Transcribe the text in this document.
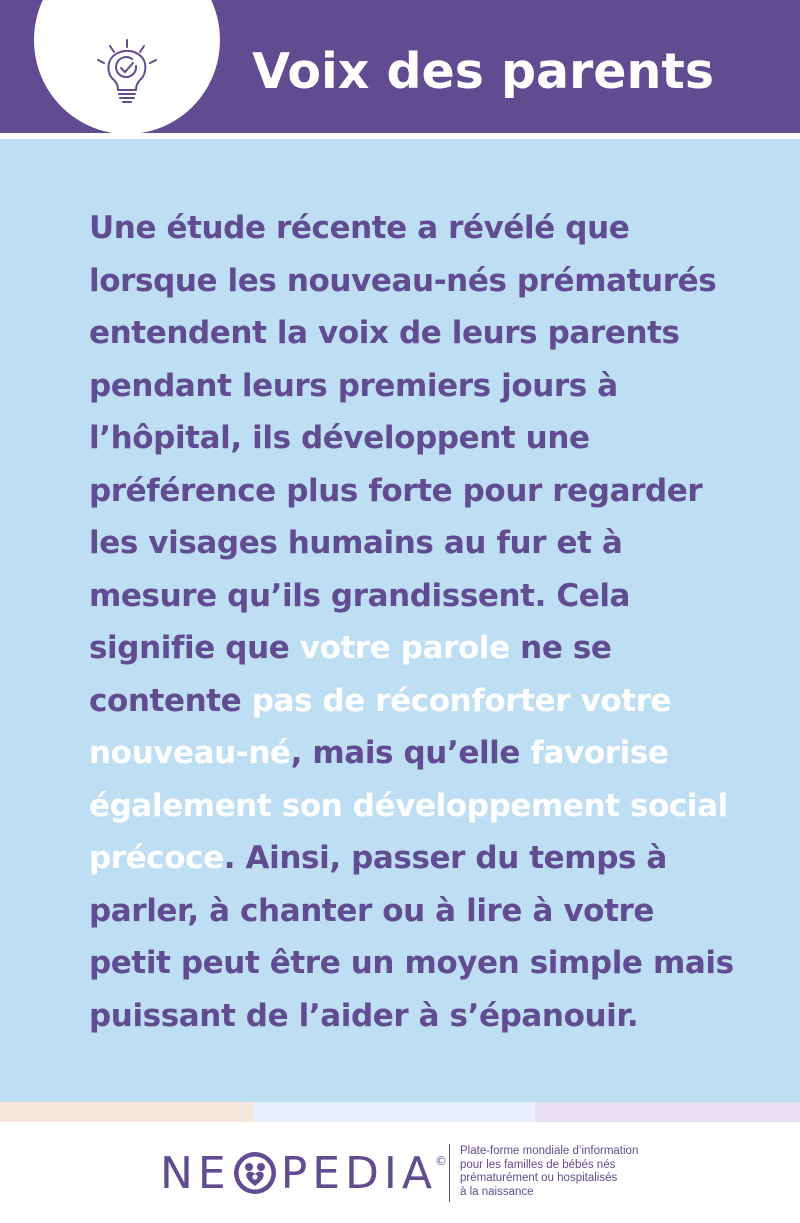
Voix des parents

Une étude récente a révélé que lorsque les nouveau-nés prématurés entendent la voix de leurs parents pendant leurs premiers jours à l’hôpital, ils développent une préférence plus forte pour regarder les visages humains au fur et à mesure qu’ils grandissent. Cela signifie que votre parole ne se contente pas de réconforter votre nouveau-né, mais qu’elle favorise également son développement social précoce. Ainsi, passer du temps à parler, à chanter ou à lire à votre petit peut être un moyen simple mais puissant de l’aider à s’épanouir.

NE PEDIA
©
Plate-forme mondiale d’information
pour les familles de bébés nés
prématurément ou hospitalisés
à la naissance
